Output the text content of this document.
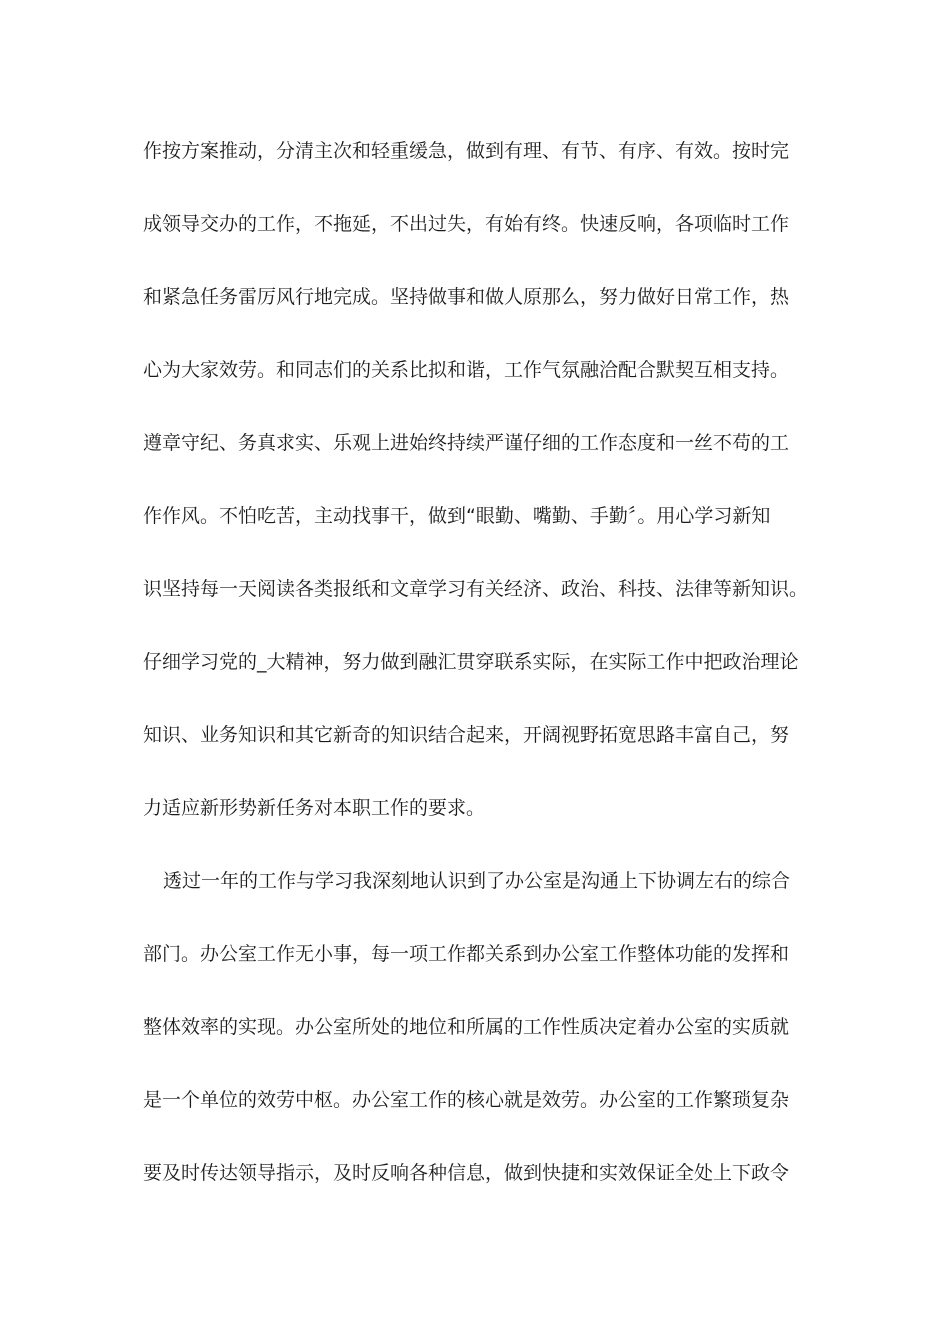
作按方案推动，分清主次和轻重缓急，做到有理、有节、有序、有效。按时完
成领导交办的工作，不拖延，不出过失，有始有终。快速反响，各项临时工作
和紧急任务雷厉风行地完成。坚持做事和做人原那么，努力做好日常工作，热
心为大家效劳。和同志们的关系比拟和谐，工作气氛融洽配合默契互相支持。
遵章守纪、务真求实、乐观上进始终持续严谨仔细的工作态度和一丝不苟的工
作作风。不怕吃苦，主动找事干，做到“眼勤、嘴勤、手勤〞。用心学习新知
识坚持每一天阅读各类报纸和文章学习有关经济、政治、科技、法律等新知识。
仔细学习党的_大精神，努力做到融汇贯穿联系实际，在实际工作中把政治理论
知识、业务知识和其它新奇的知识结合起来，开阔视野拓宽思路丰富自己，努
力适应新形势新任务对本职工作的要求。
透过一年的工作与学习我深刻地认识到了办公室是沟通上下协调左右的综合
部门。办公室工作无小事，每一项工作都关系到办公室工作整体功能的发挥和
整体效率的实现。办公室所处的地位和所属的工作性质决定着办公室的实质就
是一个单位的效劳中枢。办公室工作的核心就是效劳。办公室的工作繁琐复杂
要及时传达领导指示，及时反响各种信息，做到快捷和实效保证全处上下政令
